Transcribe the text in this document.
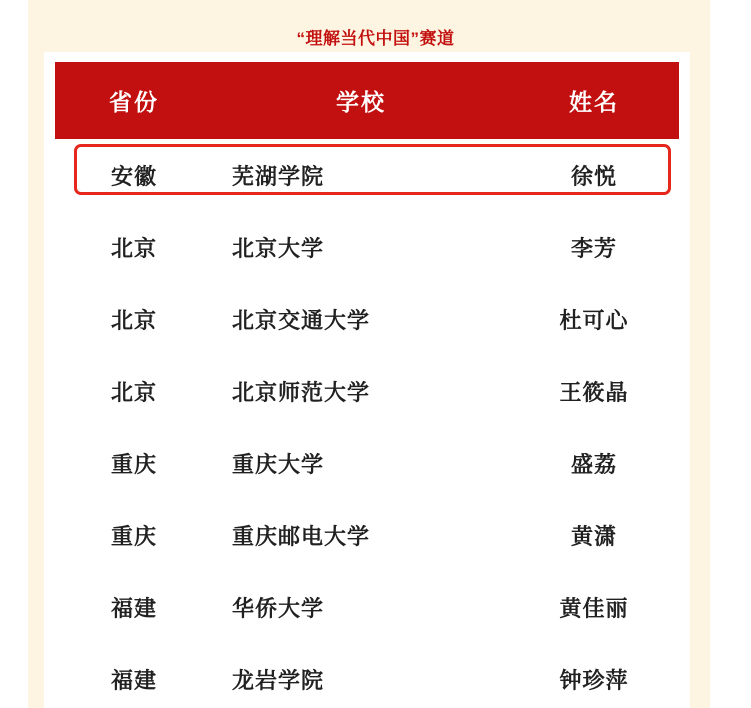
“理解当代中国”赛道
省份	学校	姓名
安徽	芜湖学院	徐悦
北京	北京大学	李芳
北京	北京交通大学	杜可心
北京	北京师范大学	王筱晶
重庆	重庆大学	盛荔
重庆	重庆邮电大学	黄潇
福建	华侨大学	黄佳丽
福建	龙岩学院	钟珍萍
